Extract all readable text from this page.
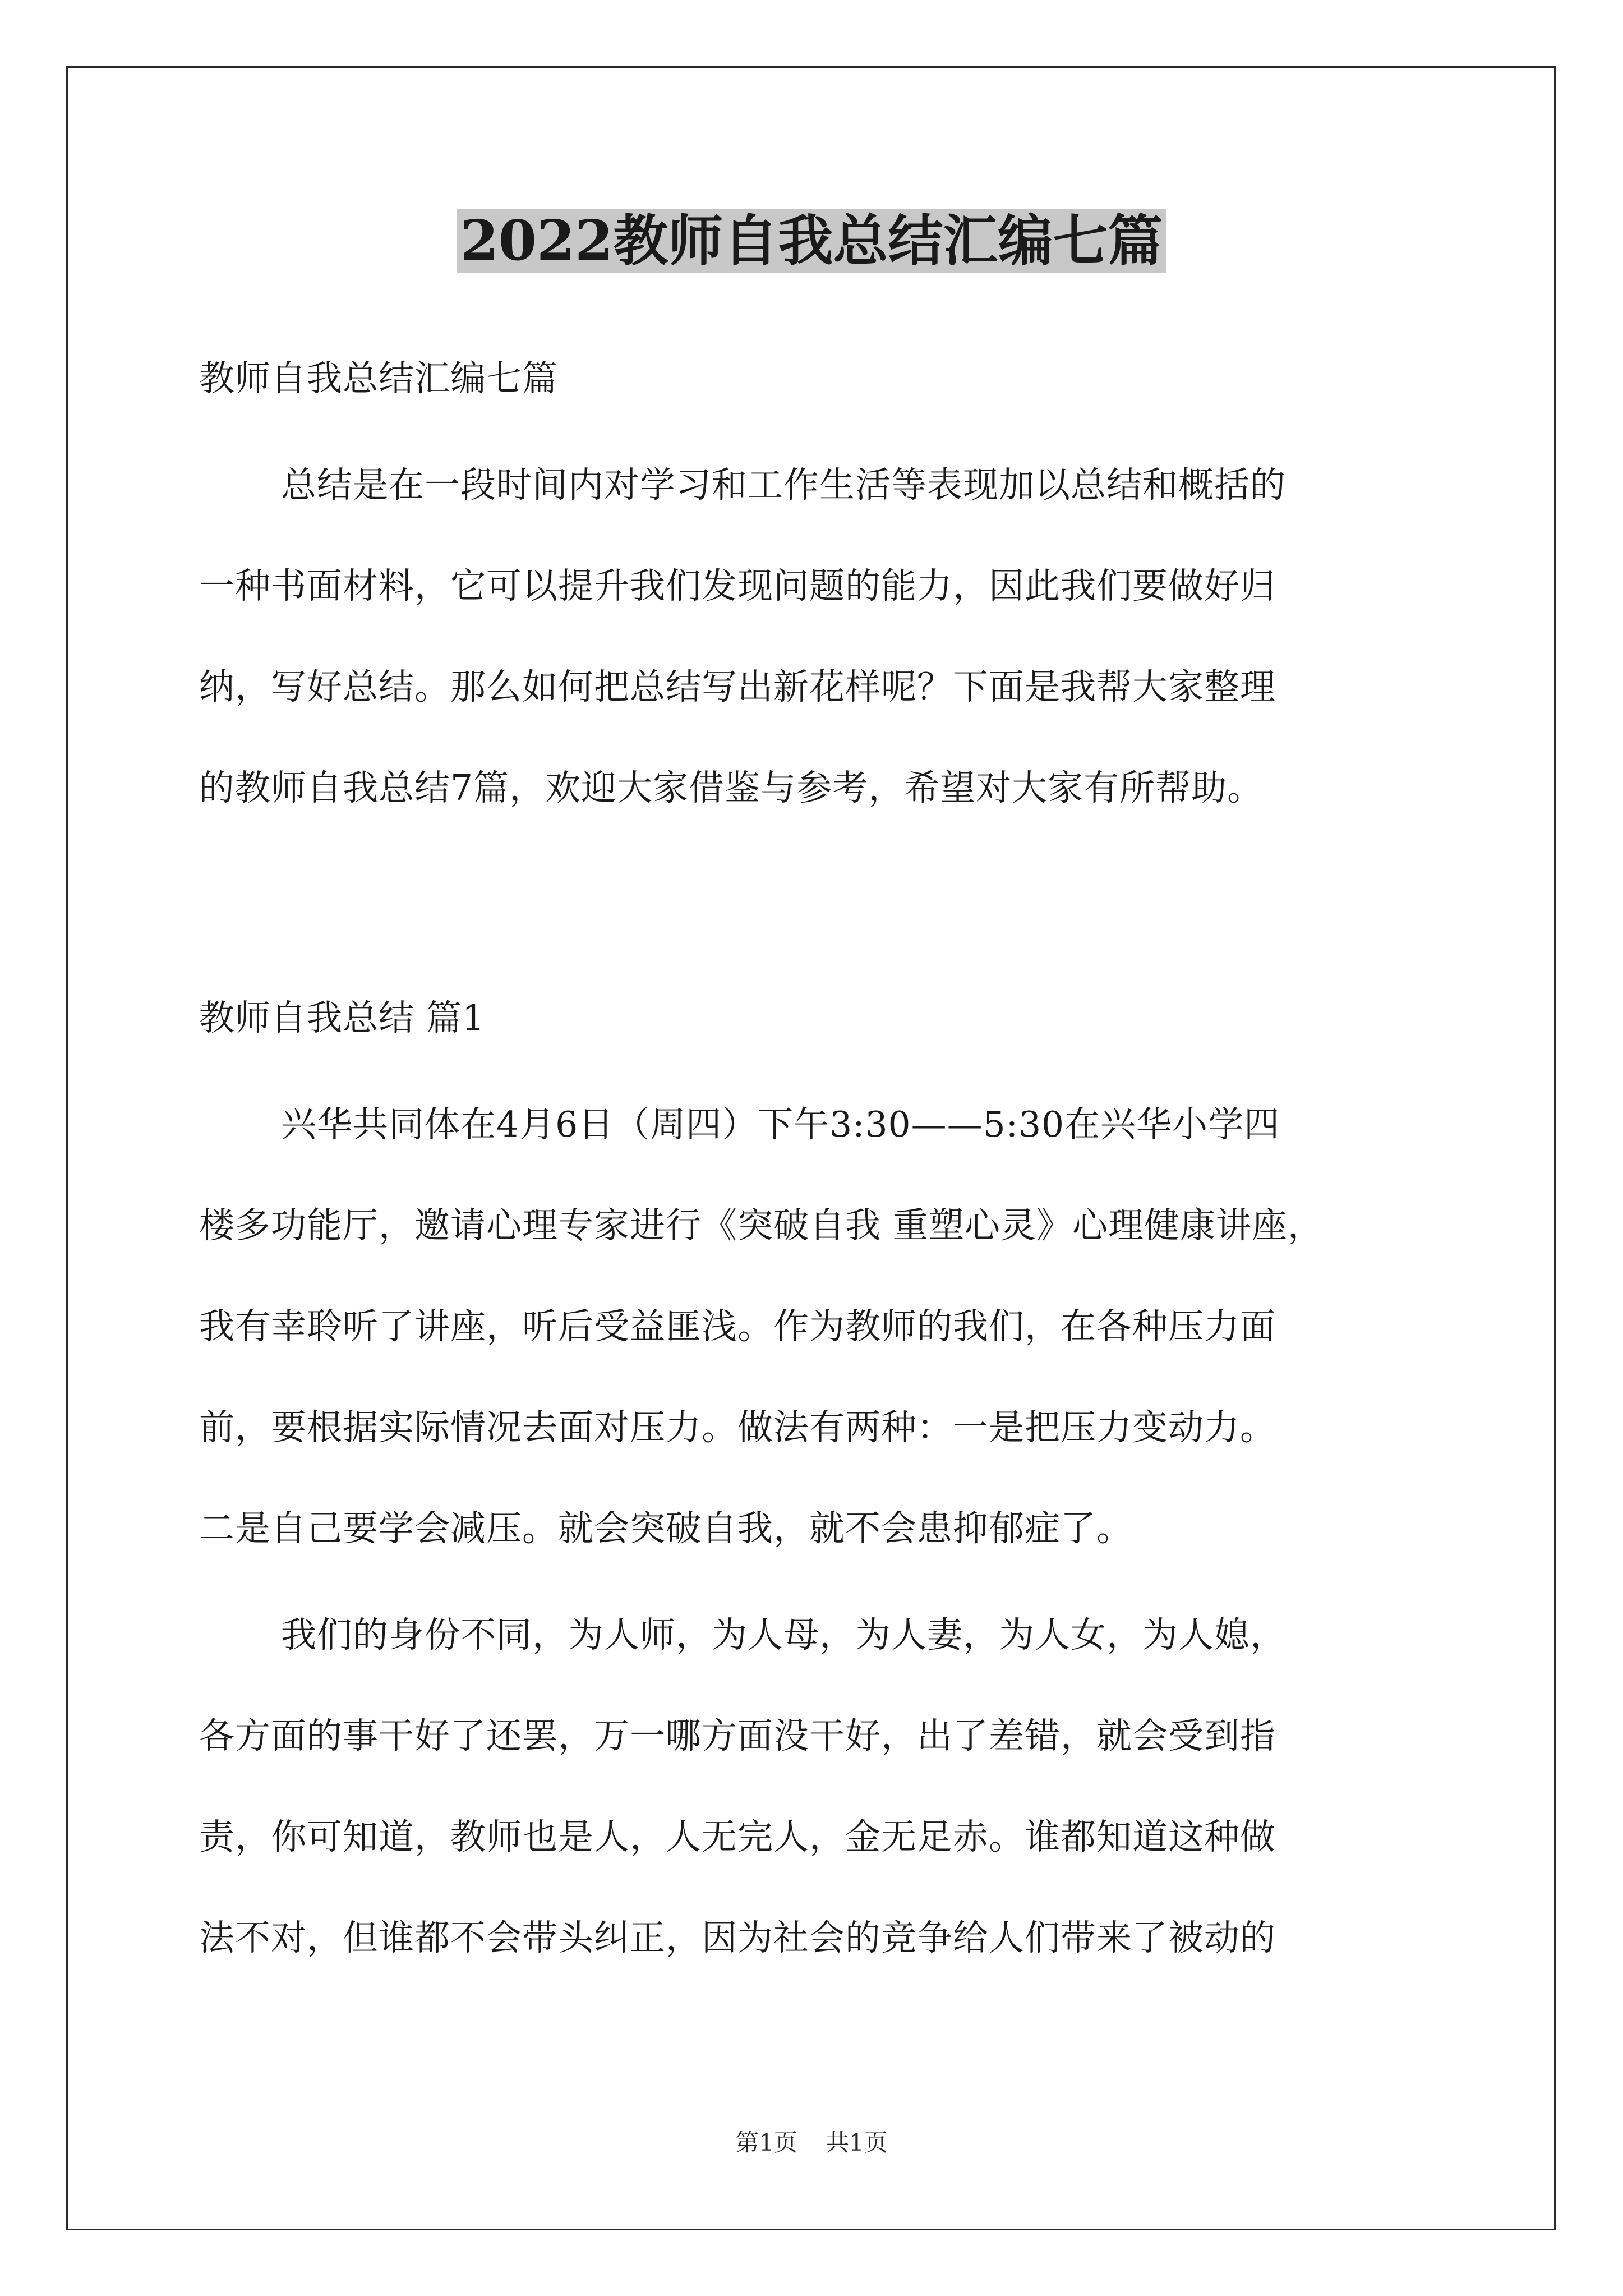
2022教师自我总结汇编七篇

教师自我总结汇编七篇

总结是在一段时间内对学习和工作生活等表现加以总结和概括的

一种书面材料，它可以提升我们发现问题的能力，因此我们要做好归

纳，写好总结。那么如何把总结写出新花样呢？下面是我帮大家整理

的教师自我总结7篇，欢迎大家借鉴与参考，希望对大家有所帮助。

教师自我总结 篇1

兴华共同体在4月6日（周四）下午3:30——5:30在兴华小学四

楼多功能厅，邀请心理专家进行《突破自我 重塑心灵》心理健康讲座，

我有幸聆听了讲座，听后受益匪浅。作为教师的我们，在各种压力面

前，要根据实际情况去面对压力。做法有两种：一是把压力变动力。

二是自己要学会减压。就会突破自我，就不会患抑郁症了。

我们的身份不同，为人师，为人母，为人妻，为人女，为人媳，

各方面的事干好了还罢，万一哪方面没干好，出了差错，就会受到指

责，你可知道，教师也是人，人无完人，金无足赤。谁都知道这种做

法不对，但谁都不会带头纠正，因为社会的竞争给人们带来了被动的

第1页 共1页
